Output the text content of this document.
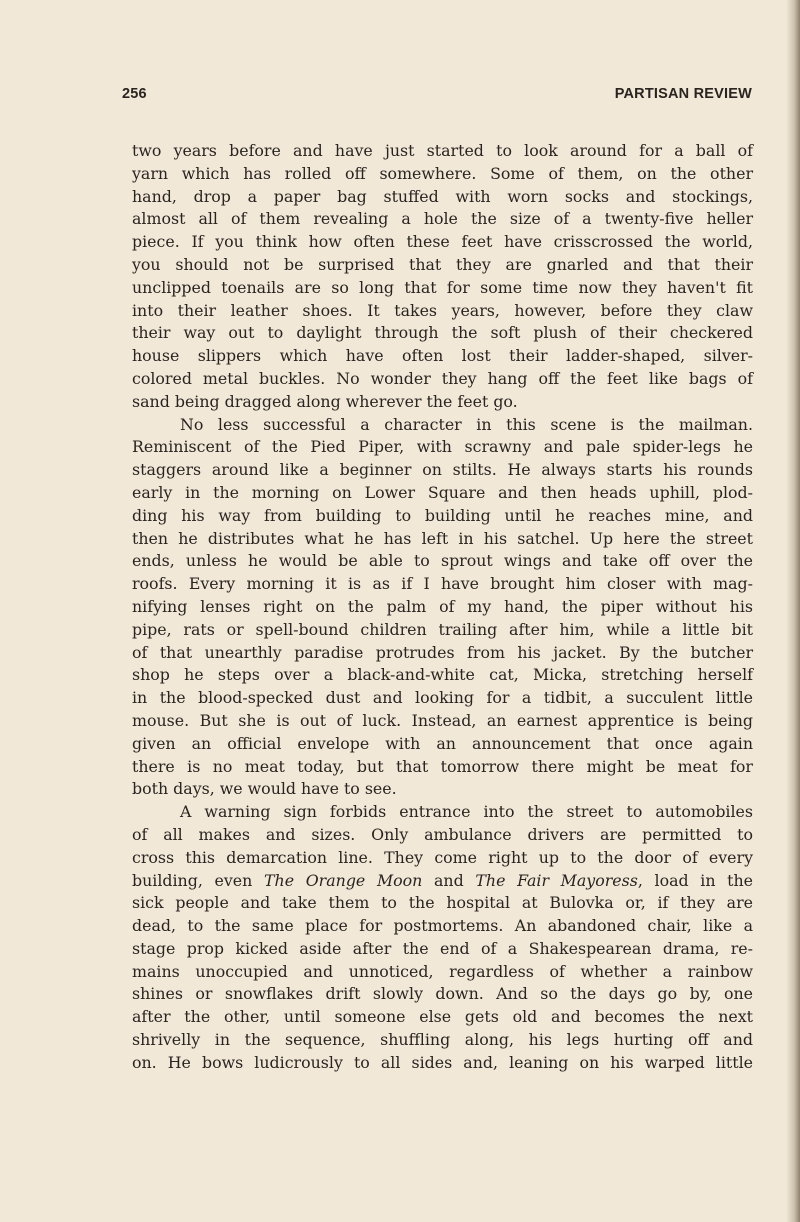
256	PARTISAN REVIEW
two years before and have just started to look around for a ball of
yarn which has rolled off somewhere. Some of them, on the other
hand, drop a paper bag stuffed with worn socks and stockings,
almost all of them revealing a hole the size of a twenty-five heller
piece. If you think how often these feet have crisscrossed the world,
you should not be surprised that they are gnarled and that their
unclipped toenails are so long that for some time now they haven't fit
into their leather shoes. It takes years, however, before they claw
their way out to daylight through the soft plush of their checkered
house slippers which have often lost their ladder-shaped, silver-
colored metal buckles. No wonder they hang off the feet like bags of
sand being dragged along wherever the feet go.
No less successful a character in this scene is the mailman.
Reminiscent of the Pied Piper, with scrawny and pale spider-legs he
staggers around like a beginner on stilts. He always starts his rounds
early in the morning on Lower Square and then heads uphill, plod-
ding his way from building to building until he reaches mine, and
then he distributes what he has left in his satchel. Up here the street
ends, unless he would be able to sprout wings and take off over the
roofs. Every morning it is as if I have brought him closer with mag-
nifying lenses right on the palm of my hand, the piper without his
pipe, rats or spell-bound children trailing after him, while a little bit
of that unearthly paradise protrudes from his jacket. By the butcher
shop he steps over a black-and-white cat, Micka, stretching herself
in the blood-specked dust and looking for a tidbit, a succulent little
mouse. But she is out of luck. Instead, an earnest apprentice is being
given an official envelope with an announcement that once again
there is no meat today, but that tomorrow there might be meat for
both days, we would have to see.
A warning sign forbids entrance into the street to automobiles
of all makes and sizes. Only ambulance drivers are permitted to
cross this demarcation line. They come right up to the door of every
building, even The Orange Moon and The Fair Mayoress, load in the
sick people and take them to the hospital at Bulovka or, if they are
dead, to the same place for postmortems. An abandoned chair, like a
stage prop kicked aside after the end of a Shakespearean drama, re-
mains unoccupied and unnoticed, regardless of whether a rainbow
shines or snowflakes drift slowly down. And so the days go by, one
after the other, until someone else gets old and becomes the next
shrivelly in the sequence, shuffling along, his legs hurting off and
on. He bows ludicrously to all sides and, leaning on his warped little
